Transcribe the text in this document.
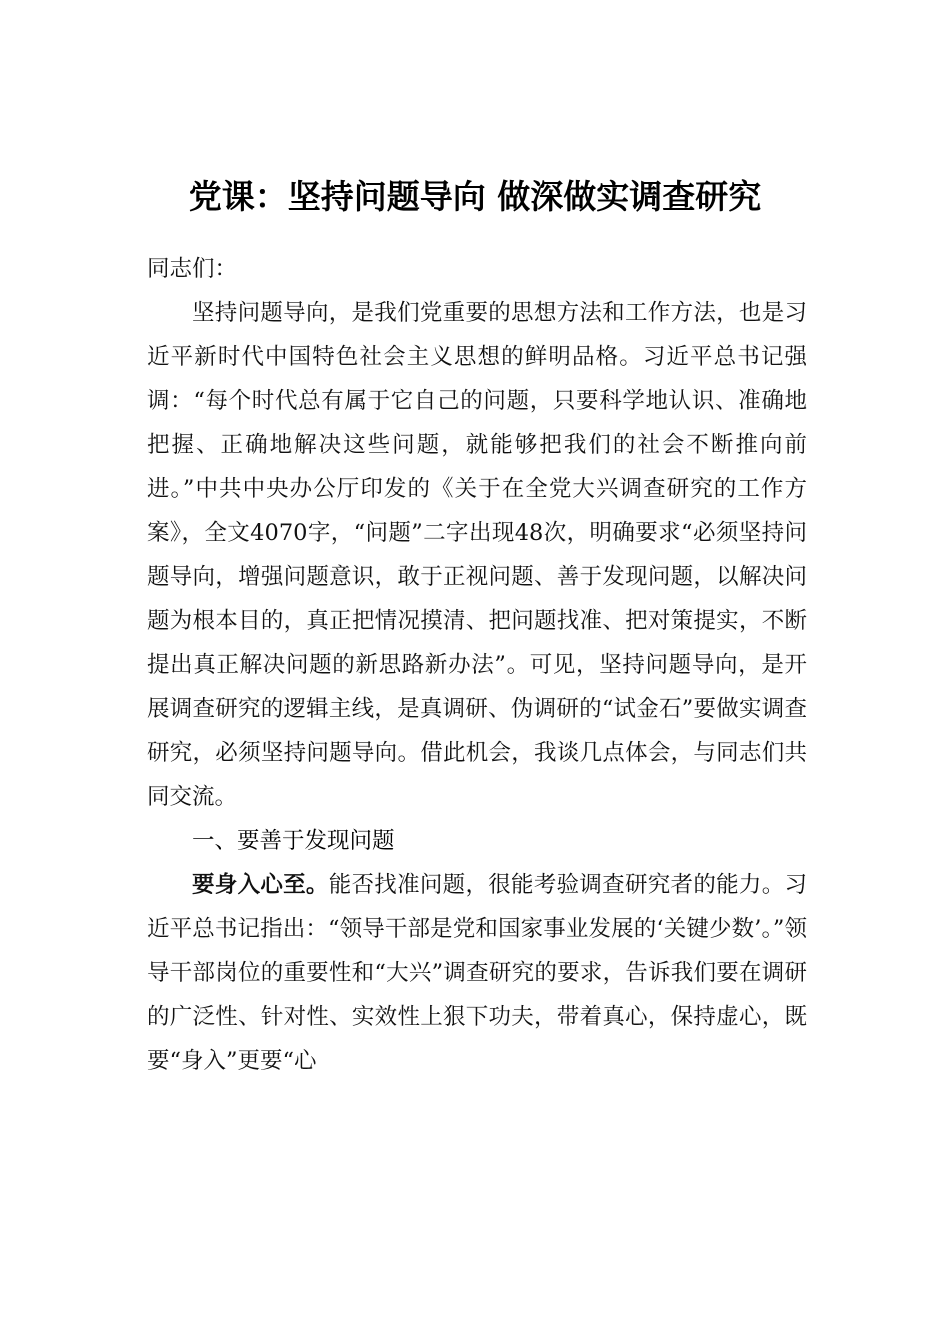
党课：坚持问题导向 做深做实调查研究

同志们：

坚持问题导向，是我们党重要的思想方法和工作方法，也是习近平新时代中国特色社会主义思想的鲜明品格。习近平总书记强调：“每个时代总有属于它自己的问题，只要科学地认识、准确地把握、正确地解决这些问题，就能够把我们的社会不断推向前进。”中共中央办公厅印发的《关于在全党大兴调查研究的工作方案》，全文4070字，“问题”二字出现48次，明确要求“必须坚持问题导向，增强问题意识，敢于正视问题、善于发现问题，以解决问题为根本目的，真正把情况摸清、把问题找准、把对策提实，不断提出真正解决问题的新思路新办法”。可见，坚持问题导向，是开展调查研究的逻辑主线，是真调研、伪调研的“试金石”要做实调查研究，必须坚持问题导向。借此机会，我谈几点体会，与同志们共同交流。

一、要善于发现问题

要身入心至。能否找准问题，很能考验调查研究者的能力。习近平总书记指出：“领导干部是党和国家事业发展的‘关键少数’。”领导干部岗位的重要性和“大兴”调查研究的要求，告诉我们要在调研的广泛性、针对性、实效性上狠下功夫，带着真心，保持虚心，既要“身入”更要“心
